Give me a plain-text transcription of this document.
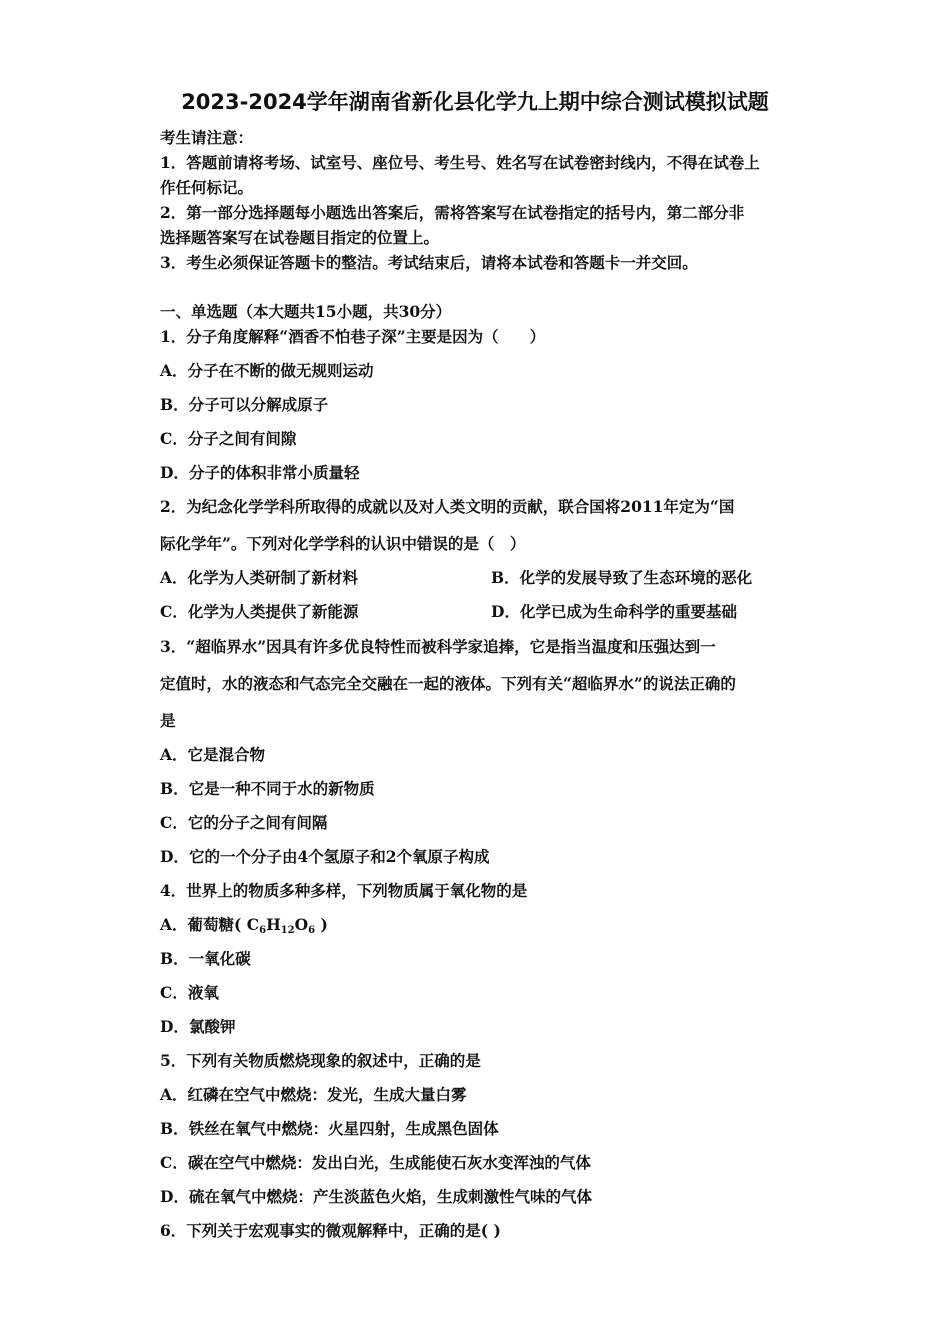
2023-2024学年湖南省新化县化学九上期中综合测试模拟试题
考生请注意：
1．答题前请将考场、试室号、座位号、考生号、姓名写在试卷密封线内，不得在试卷上
作任何标记。
2．第一部分选择题每小题选出答案后，需将答案写在试卷指定的括号内，第二部分非
选择题答案写在试卷题目指定的位置上。
3．考生必须保证答题卡的整洁。考试结束后，请将本试卷和答题卡一并交回。
一、单选题（本大题共15小题，共30分）
1．分子角度解释“酒香不怕巷子深”主要是因为（　　）
A．分子在不断的做无规则运动
B．分子可以分解成原子
C．分子之间有间隙
D．分子的体积非常小质量轻
2．为纪念化学学科所取得的成就以及对人类文明的贡献，联合国将2011年定为“国
际化学年”。下列对化学学科的认识中错误的是（　）
A．化学为人类研制了新材料	B．化学的发展导致了生态环境的恶化
C．化学为人类提供了新能源	D．化学已成为生命科学的重要基础
3．“超临界水”因具有许多优良特性而被科学家追捧，它是指当温度和压强达到一
定值时，水的液态和气态完全交融在一起的液体。下列有关“超临界水”的说法正确的
是
A．它是混合物
B．它是一种不同于水的新物质
C．它的分子之间有间隔
D．它的一个分子由4个氢原子和2个氧原子构成
4．世界上的物质多种多样，下列物质属于氧化物的是
A．葡萄糖( $C_6H_{12}O_6$ )
B．一氧化碳
C．液氧
D．氯酸钾
5．下列有关物质燃烧现象的叙述中，正确的是
A．红磷在空气中燃烧：发光，生成大量白雾
B．铁丝在氧气中燃烧：火星四射，生成黑色固体
C．碳在空气中燃烧：发出白光，生成能使石灰水变浑浊的气体
D．硫在氧气中燃烧：产生淡蓝色火焰，生成刺激性气味的气体
6．下列关于宏观事实的微观解释中，正确的是( )
